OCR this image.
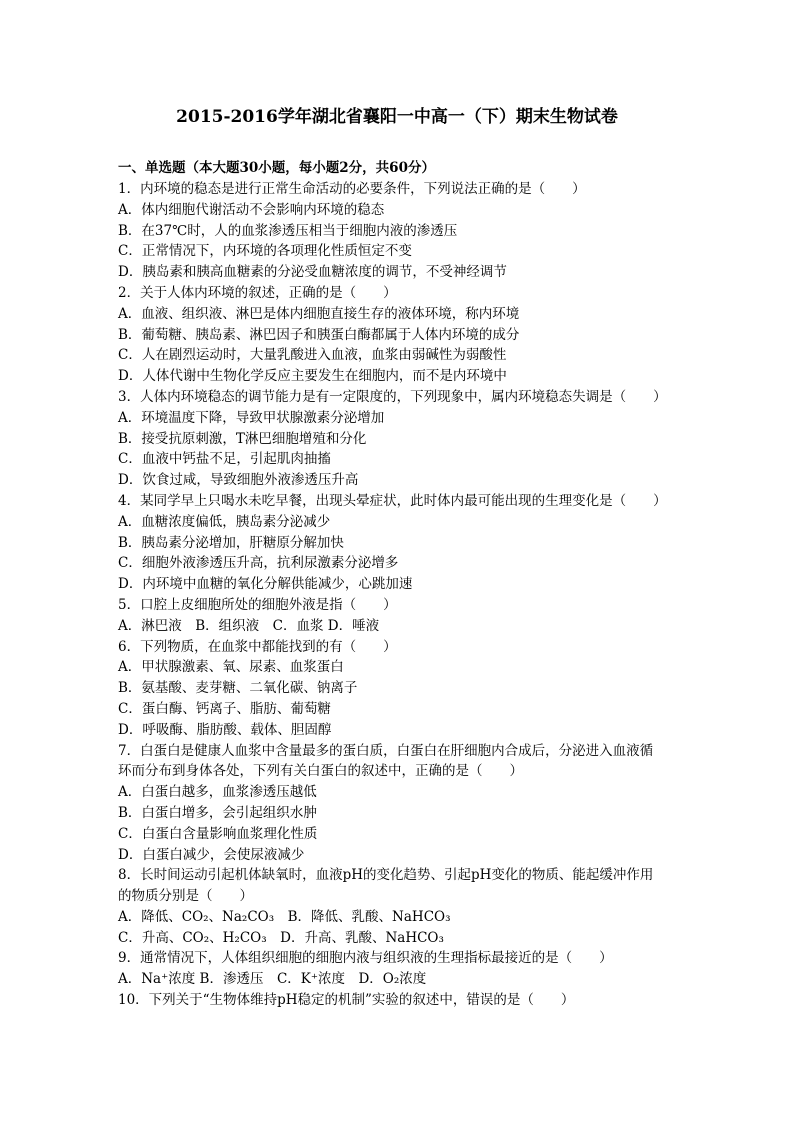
2015-2016学年湖北省襄阳一中高一（下）期末生物试卷
一、单选题（本大题30小题，每小题2分，共60分）
1．内环境的稳态是进行正常生命活动的必要条件，下列说法正确的是（　　）
A．体内细胞代谢活动不会影响内环境的稳态
B．在37℃时，人的血浆渗透压相当于细胞内液的渗透压
C．正常情况下，内环境的各项理化性质恒定不变
D．胰岛素和胰高血糖素的分泌受血糖浓度的调节，不受神经调节
2．关于人体内环境的叙述，正确的是（　　）
A．血液、组织液、淋巴是体内细胞直接生存的液体环境，称内环境
B．葡萄糖、胰岛素、淋巴因子和胰蛋白酶都属于人体内环境的成分
C．人在剧烈运动时，大量乳酸进入血液，血浆由弱碱性为弱酸性
D．人体代谢中生物化学反应主要发生在细胞内，而不是内环境中
3．人体内环境稳态的调节能力是有一定限度的，下列现象中，属内环境稳态失调是（　　）
A．环境温度下降，导致甲状腺激素分泌增加
B．接受抗原刺激，T淋巴细胞增殖和分化
C．血液中钙盐不足，引起肌肉抽搐
D．饮食过咸，导致细胞外液渗透压升高
4．某同学早上只喝水未吃早餐，出现头晕症状，此时体内最可能出现的生理变化是（　　）
A．血糖浓度偏低，胰岛素分泌减少
B．胰岛素分泌增加，肝糖原分解加快
C．细胞外液渗透压升高，抗利尿激素分泌增多
D．内环境中血糖的氧化分解供能减少，心跳加速
5．口腔上皮细胞所处的细胞外液是指（　　）
A．淋巴液　B．组织液　C．血浆 D．唾液
6．下列物质，在血浆中都能找到的有（　　）
A．甲状腺激素、氧、尿素、血浆蛋白
B．氨基酸、麦芽糖、二氧化碳、钠离子
C．蛋白酶、钙离子、脂肪、葡萄糖
D．呼吸酶、脂肪酸、载体、胆固醇
7．白蛋白是健康人血浆中含量最多的蛋白质，白蛋白在肝细胞内合成后，分泌进入血液循
环而分布到身体各处，下列有关白蛋白的叙述中，正确的是（　　）
A．白蛋白越多，血浆渗透压越低
B．白蛋白增多，会引起组织水肿
C．白蛋白含量影响血浆理化性质
D．白蛋白减少，会使尿液减少
8．长时间运动引起机体缺氧时，血液pH的变化趋势、引起pH变化的物质、能起缓冲作用
的物质分别是（　　）
A．降低、CO₂、Na₂CO₃　B．降低、乳酸、NaHCO₃
C．升高、CO₂、H₂CO₃　D．升高、乳酸、NaHCO₃
9．通常情况下，人体组织细胞的细胞内液与组织液的生理指标最接近的是（　　）
A．Na⁺浓度 B．渗透压　C．K⁺浓度　D．O₂浓度
10．下列关于“生物体维持pH稳定的机制”实验的叙述中，错误的是（　　）
